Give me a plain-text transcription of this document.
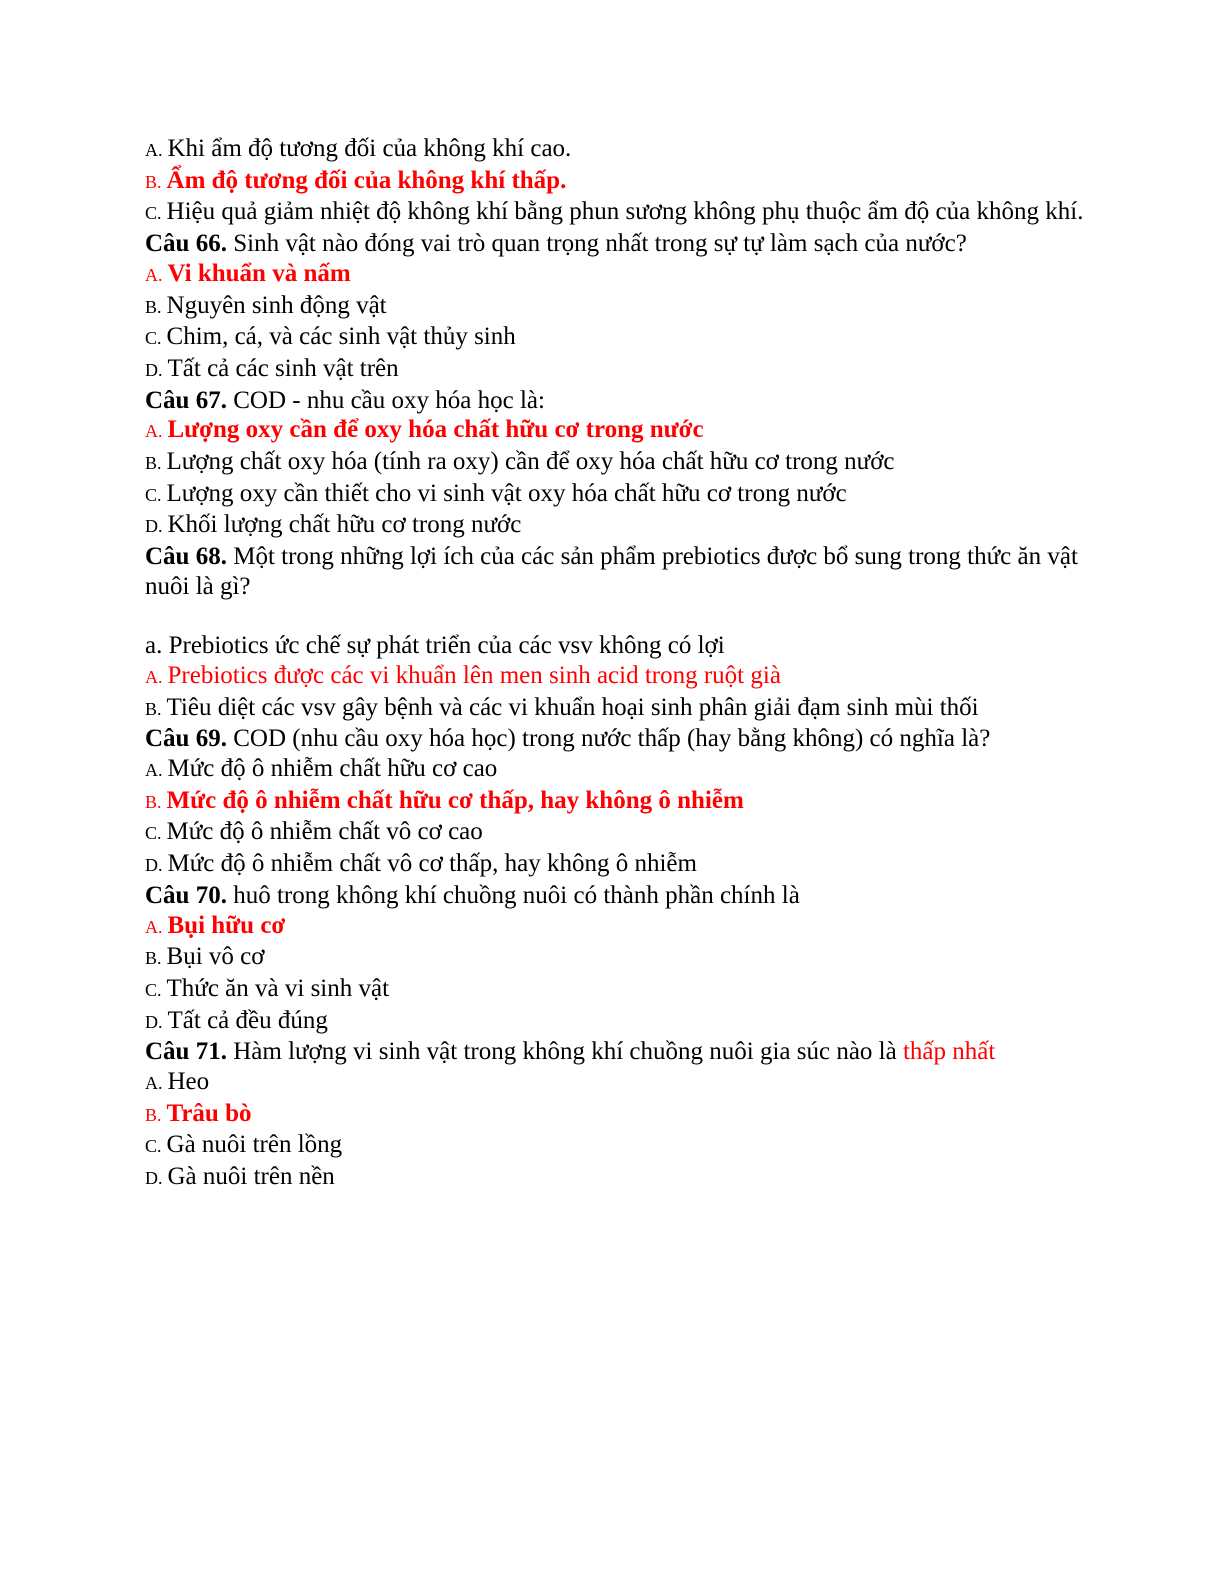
A. Khi ẩm độ tương đối của không khí cao.
B. Ẩm độ tương đối của không khí thấp.
C. Hiệu quả giảm nhiệt độ không khí bằng phun sương không phụ thuộc ẩm độ của không khí.
Câu 66. Sinh vật nào đóng vai trò quan trọng nhất trong sự tự làm sạch của nước?
A. Vi khuẩn và nấm
B. Nguyên sinh động vật
C. Chim, cá, và các sinh vật thủy sinh
D. Tất cả các sinh vật trên
Câu 67. COD - nhu cầu oxy hóa học là:
A. Lượng oxy cần để oxy hóa chất hữu cơ trong nước
B. Lượng chất oxy hóa (tính ra oxy) cần để oxy hóa chất hữu cơ trong nước
C. Lượng oxy cần thiết cho vi sinh vật oxy hóa chất hữu cơ trong nước
D. Khối lượng chất hữu cơ trong nước
Câu 68. Một trong những lợi ích của các sản phẩm prebiotics được bổ sung trong thức ăn vật nuôi là gì?
a. Prebiotics ức chế sự phát triển của các vsv không có lợi
A. Prebiotics được các vi khuẩn lên men sinh acid trong ruột già
B. Tiêu diệt các vsv gây bệnh và các vi khuẩn hoại sinh phân giải đạm sinh mùi thối
Câu 69. COD (nhu cầu oxy hóa học) trong nước thấp (hay bằng không) có nghĩa là?
A. Mức độ ô nhiễm chất hữu cơ cao
B. Mức độ ô nhiễm chất hữu cơ thấp, hay không ô nhiễm
C. Mức độ ô nhiễm chất vô cơ cao
D. Mức độ ô nhiễm chất vô cơ thấp, hay không ô nhiễm
Câu 70. huô trong không khí chuồng nuôi có thành phần chính là
A. Bụi hữu cơ
B. Bụi vô cơ
C. Thức ăn và vi sinh vật
D. Tất cả đều đúng
Câu 71. Hàm lượng vi sinh vật trong không khí chuồng nuôi gia súc nào là thấp nhất
A. Heo
B. Trâu bò
C. Gà nuôi trên lồng
D. Gà nuôi trên nền
